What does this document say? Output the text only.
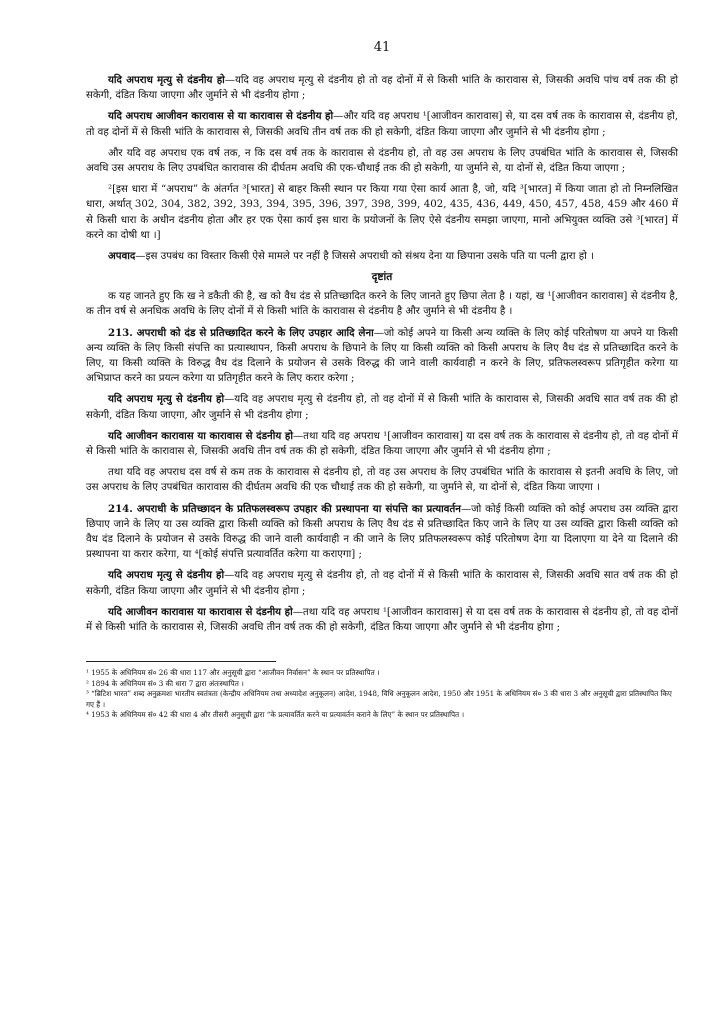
41

यदि अपराध मृत्यु से दंडनीय हो—यदि वह अपराध मृत्यु से दंडनीय हो तो वह दोनों में से किसी भांति के कारावास से, जिसकी अवधि पांच वर्ष तक की हो सकेगी, दंडित किया जाएगा और जुर्माने से भी दंडनीय होगा ;

यदि अपराध आजीवन कारावास से या कारावास से दंडनीय हो—और यदि वह अपराध ¹[आजीवन कारावास] से, या दस वर्ष तक के कारावास से, दंडनीय हो, तो वह दोनों में से किसी भांति के कारावास से, जिसकी अवधि तीन वर्ष तक की हो सकेगी, दंडित किया जाएगा और जुर्माने से भी दंडनीय होगा ;

और यदि वह अपराध एक वर्ष तक, न कि दस वर्ष तक के कारावास से दंडनीय हो, तो वह उस अपराध के लिए उपबंधित भांति के कारावास से, जिसकी अवधि उस अपराध के लिए उपबंधित कारावास की दीर्घतम अवधि की एक-चौथाई तक की हो सकेगी, या जुर्माने से, या दोनों से, दंडित किया जाएगा ;

²[इस धारा में “अपराध” के अंतर्गत ³[भारत] से बाहर किसी स्थान पर किया गया ऐसा कार्य आता है, जो, यदि ³[भारत] में किया जाता हो तो निम्नलिखित धारा, अर्थात् 302, 304, 382, 392, 393, 394, 395, 396, 397, 398, 399, 402, 435, 436, 449, 450, 457, 458, 459 और 460 में से किसी धारा के अधीन दंडनीय होता और हर एक ऐसा कार्य इस धारा के प्रयोजनों के लिए ऐसे दंडनीय समझा जाएगा, मानो अभियुक्त व्यक्ति उसे ³[भारत] में करने का दोषी था ।]

अपवाद—इस उपबंध का विस्तार किसी ऐसे मामले पर नहीं है जिससे अपराधी को संश्रय देना या छिपाना उसके पति या पत्नी द्वारा हो ।

दृष्टांत

क यह जानते हुए कि ख ने डकैती की है, ख को वैध दंड से प्रतिच्छादित करने के लिए जानते हुए छिपा लेता है । यहां, ख ¹[आजीवन कारावास] से दंडनीय है, क तीन वर्ष से अनधिक अवधि के लिए दोनों में से किसी भांति के कारावास से दंडनीय है और जुर्माने से भी दंडनीय है ।

213. अपराधी को दंड से प्रतिच्छादित करने के लिए उपहार आदि लेना—जो कोई अपने या किसी अन्य व्यक्ति के लिए कोई परितोषण या अपने या किसी अन्य व्यक्ति के लिए किसी संपत्ति का प्रत्यास्थापन, किसी अपराध के छिपाने के लिए या किसी व्यक्ति को किसी अपराध के लिए वैध दंड से प्रतिच्छादित करने के लिए, या किसी व्यक्ति के विरुद्ध वैध दंड दिलाने के प्रयोजन से उसके विरुद्ध की जाने वाली कार्यवाही न करने के लिए, प्रतिफलस्वरूप प्रतिगृहीत करेगा या अभिप्राप्त करने का प्रयत्न करेगा या प्रतिगृहीत करने के लिए करार करेगा ;

यदि अपराध मृत्यु से दंडनीय हो—यदि वह अपराध मृत्यु से दंडनीय हो, तो वह दोनों में से किसी भांति के कारावास से, जिसकी अवधि सात वर्ष तक की हो सकेगी, दंडित किया जाएगा, और जुर्माने से भी दंडनीय होगा ;

यदि आजीवन कारावास या कारावास से दंडनीय हो—तथा यदि वह अपराध ¹[आजीवन कारावास] या दस वर्ष तक के कारावास से दंडनीय हो, तो वह दोनों में से किसी भांति के कारावास से, जिसकी अवधि तीन वर्ष तक की हो सकेगी, दंडित किया जाएगा और जुर्माने से भी दंडनीय होगा ;

तथा यदि वह अपराध दस वर्ष से कम तक के कारावास से दंडनीय हो, तो वह उस अपराध के लिए उपबंधित भांति के कारावास से इतनी अवधि के लिए, जो उस अपराध के लिए उपबंधित कारावास की दीर्घतम अवधि की एक चौथाई तक की हो सकेगी, या जुर्माने से, या दोनों से, दंडित किया जाएगा ।

214. अपराधी के प्रतिच्छादन के प्रतिफलस्वरूप उपहार की प्रस्थापना या संपत्ति का प्रत्यावर्तन—जो कोई किसी व्यक्ति को कोई अपराध उस व्यक्ति द्वारा छिपाए जाने के लिए या उस व्यक्ति द्वारा किसी व्यक्ति को किसी अपराध के लिए वैध दंड से प्रतिच्छादित किए जाने के लिए या उस व्यक्ति द्वारा किसी व्यक्ति को वैध दंड दिलाने के प्रयोजन से उसके विरुद्ध की जाने वाली कार्यवाही न की जाने के लिए प्रतिफलस्वरूप कोई परितोषण देगा या दिलाएगा या देने या दिलाने की प्रस्थापना या करार करेगा, या ⁴[कोई संपत्ति प्रत्यावर्तित करेगा या कराएगा] ;

यदि अपराध मृत्यु से दंडनीय हो—यदि वह अपराध मृत्यु से दंडनीय हो, तो वह दोनों में से किसी भांति के कारावास से, जिसकी अवधि सात वर्ष तक की हो सकेगी, दंडित किया जाएगा और जुर्माने से भी दंडनीय होगा ;

यदि आजीवन कारावास या कारावास से दंडनीय हो—तथा यदि वह अपराध ¹[आजीवन कारावास] से या दस वर्ष तक के कारावास से दंडनीय हो, तो वह दोनों में से किसी भांति के कारावास से, जिसकी अवधि तीन वर्ष तक की हो सकेगी, दंडित किया जाएगा और जुर्माने से भी दंडनीय होगा ;

¹ 1955 के अधिनियम सं० 26 की धारा 117 और अनुसूची द्वारा “आजीवन निर्वासन” के स्थान पर प्रतिस्थापित ।

² 1894 के अधिनियम सं० 3 की धारा 7 द्वारा अंतःस्थापित ।

³ “ब्रिटिश भारत” शब्द अनुक्रमशः भारतीय स्वतंत्रता (केन्द्रीय अधिनियम तथा अध्यादेश अनुकूलन) आदेश, 1948, विधि अनुकूलन आदेश, 1950 और 1951 के अधिनियम सं० 3 की धारा 3 और अनुसूची द्वारा प्रतिस्थापित किए गए हैं ।

⁴ 1953 के अधिनियम सं० 42 की धारा 4 और तीसरी अनुसूची द्वारा “के प्रत्यावर्तित करने या प्रत्यावर्तन कराने के लिए” के स्थान पर प्रतिस्थापित ।
